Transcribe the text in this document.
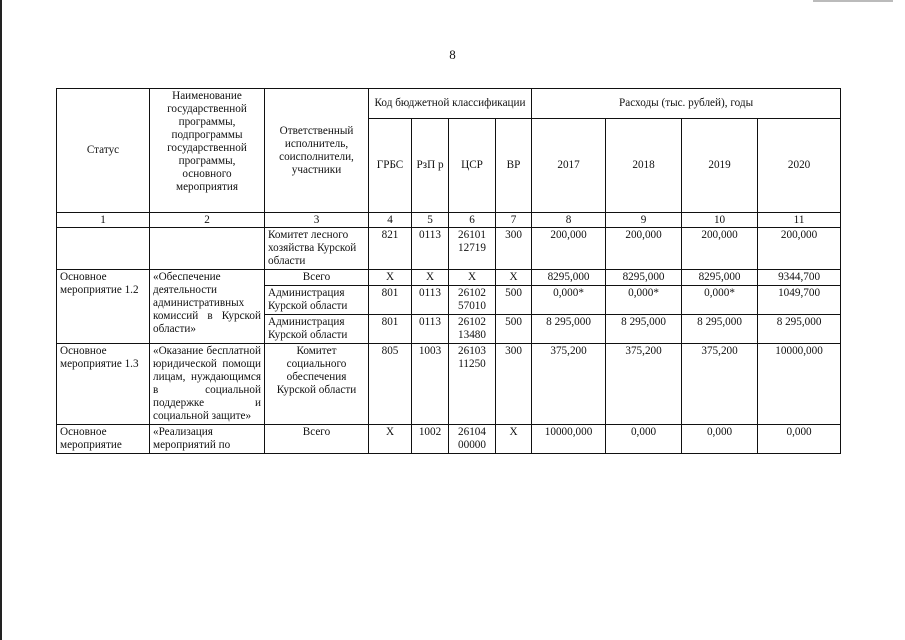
8
Статус	Наименование государственной программы, подпрограммы государственной программы, основного мероприятия	Ответственный исполнитель, соисполнители, участники	Код бюджетной классификации				Расходы (тыс. рублей), годы			
			ГРБС	РзП р	ЦСР	ВР	2017	2018	2019	2020
1	2	3	4	5	6	7	8	9	10	11
		Комитет лесного хозяйства Курской области	821	0113	26101 12719	300	200,000	200,000	200,000	200,000
Основное мероприятие 1.2	«Обеспечение деятельности административных комиссий в Курской области»	Всего	Х	Х	Х	Х	8295,000	8295,000	8295,000	9344,700
		Администрация Курской области	801	0113	26102 57010	500	0,000*	0,000*	0,000*	1049,700
		Администрация Курской области	801	0113	26102 13480	500	8 295,000	8 295,000	8 295,000	8 295,000
Основное мероприятие 1.3	«Оказание бесплатной юридической помощи лицам, нуждающимся в социальной поддержке и социальной защите»	Комитет социального обеспечения Курской области	805	1003	26103 11250	300	375,200	375,200	375,200	10000,000
Основное мероприятие	«Реализация мероприятий по	Всего	Х	1002	26104 00000	Х	10000,000	0,000	0,000	0,000
